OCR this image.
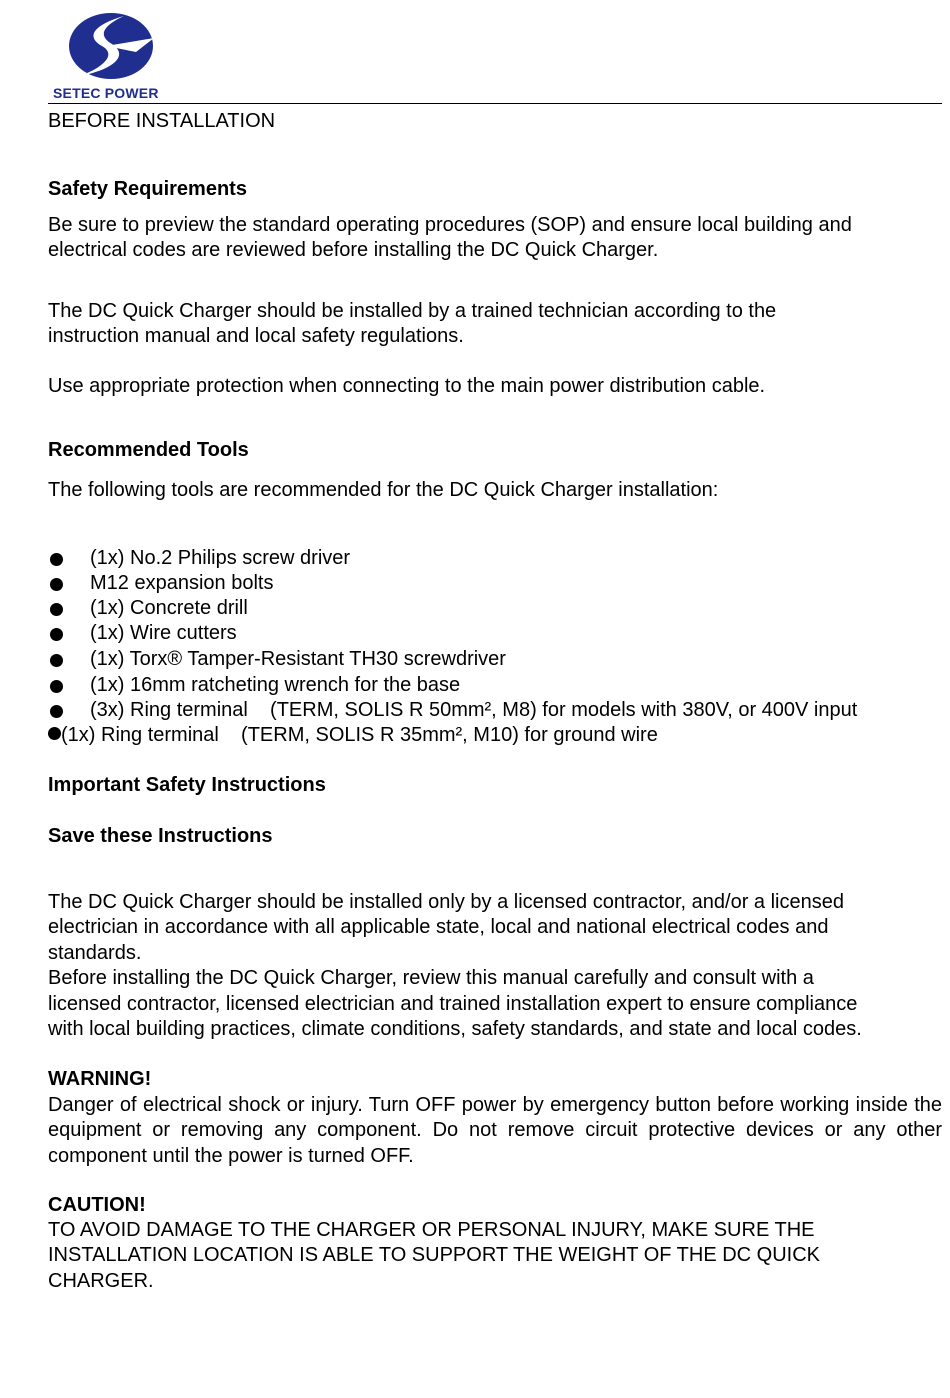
SETEC POWER
BEFORE INSTALLATION
Safety Requirements
Be sure to preview the standard operating procedures (SOP) and ensure local building and
electrical codes are reviewed before installing the DC Quick Charger.
The DC Quick Charger should be installed by a trained technician according to the
instruction manual and local safety regulations.
Use appropriate protection when connecting to the main power distribution cable.
Recommended Tools
The following tools are recommended for the DC Quick Charger installation:
(1x) No.2 Philips screw driver
M12 expansion bolts
(1x) Concrete drill
(1x) Wire cutters
(1x) Torx® Tamper-Resistant TH30 screwdriver
(1x) 16mm ratcheting wrench for the base
(3x) Ring terminal    (TERM, SOLIS R 50mm², M8) for models with 380V, or 400V input
(1x) Ring terminal    (TERM, SOLIS R 35mm², M10) for ground wire
Important Safety Instructions
Save these Instructions
The DC Quick Charger should be installed only by a licensed contractor, and/or a licensed
electrician in accordance with all applicable state, local and national electrical codes and
standards.
Before installing the DC Quick Charger, review this manual carefully and consult with a
licensed contractor, licensed electrician and trained installation expert to ensure compliance
with local building practices, climate conditions, safety standards, and state and local codes.
WARNING!
Danger of electrical shock or injury. Turn OFF power by emergency button before working inside the equipment or removing any component. Do not remove circuit protective devices or any other component until the power is turned OFF.
CAUTION!
TO AVOID DAMAGE TO THE CHARGER OR PERSONAL INJURY, MAKE SURE THE
INSTALLATION LOCATION IS ABLE TO SUPPORT THE WEIGHT OF THE DC QUICK
CHARGER.
